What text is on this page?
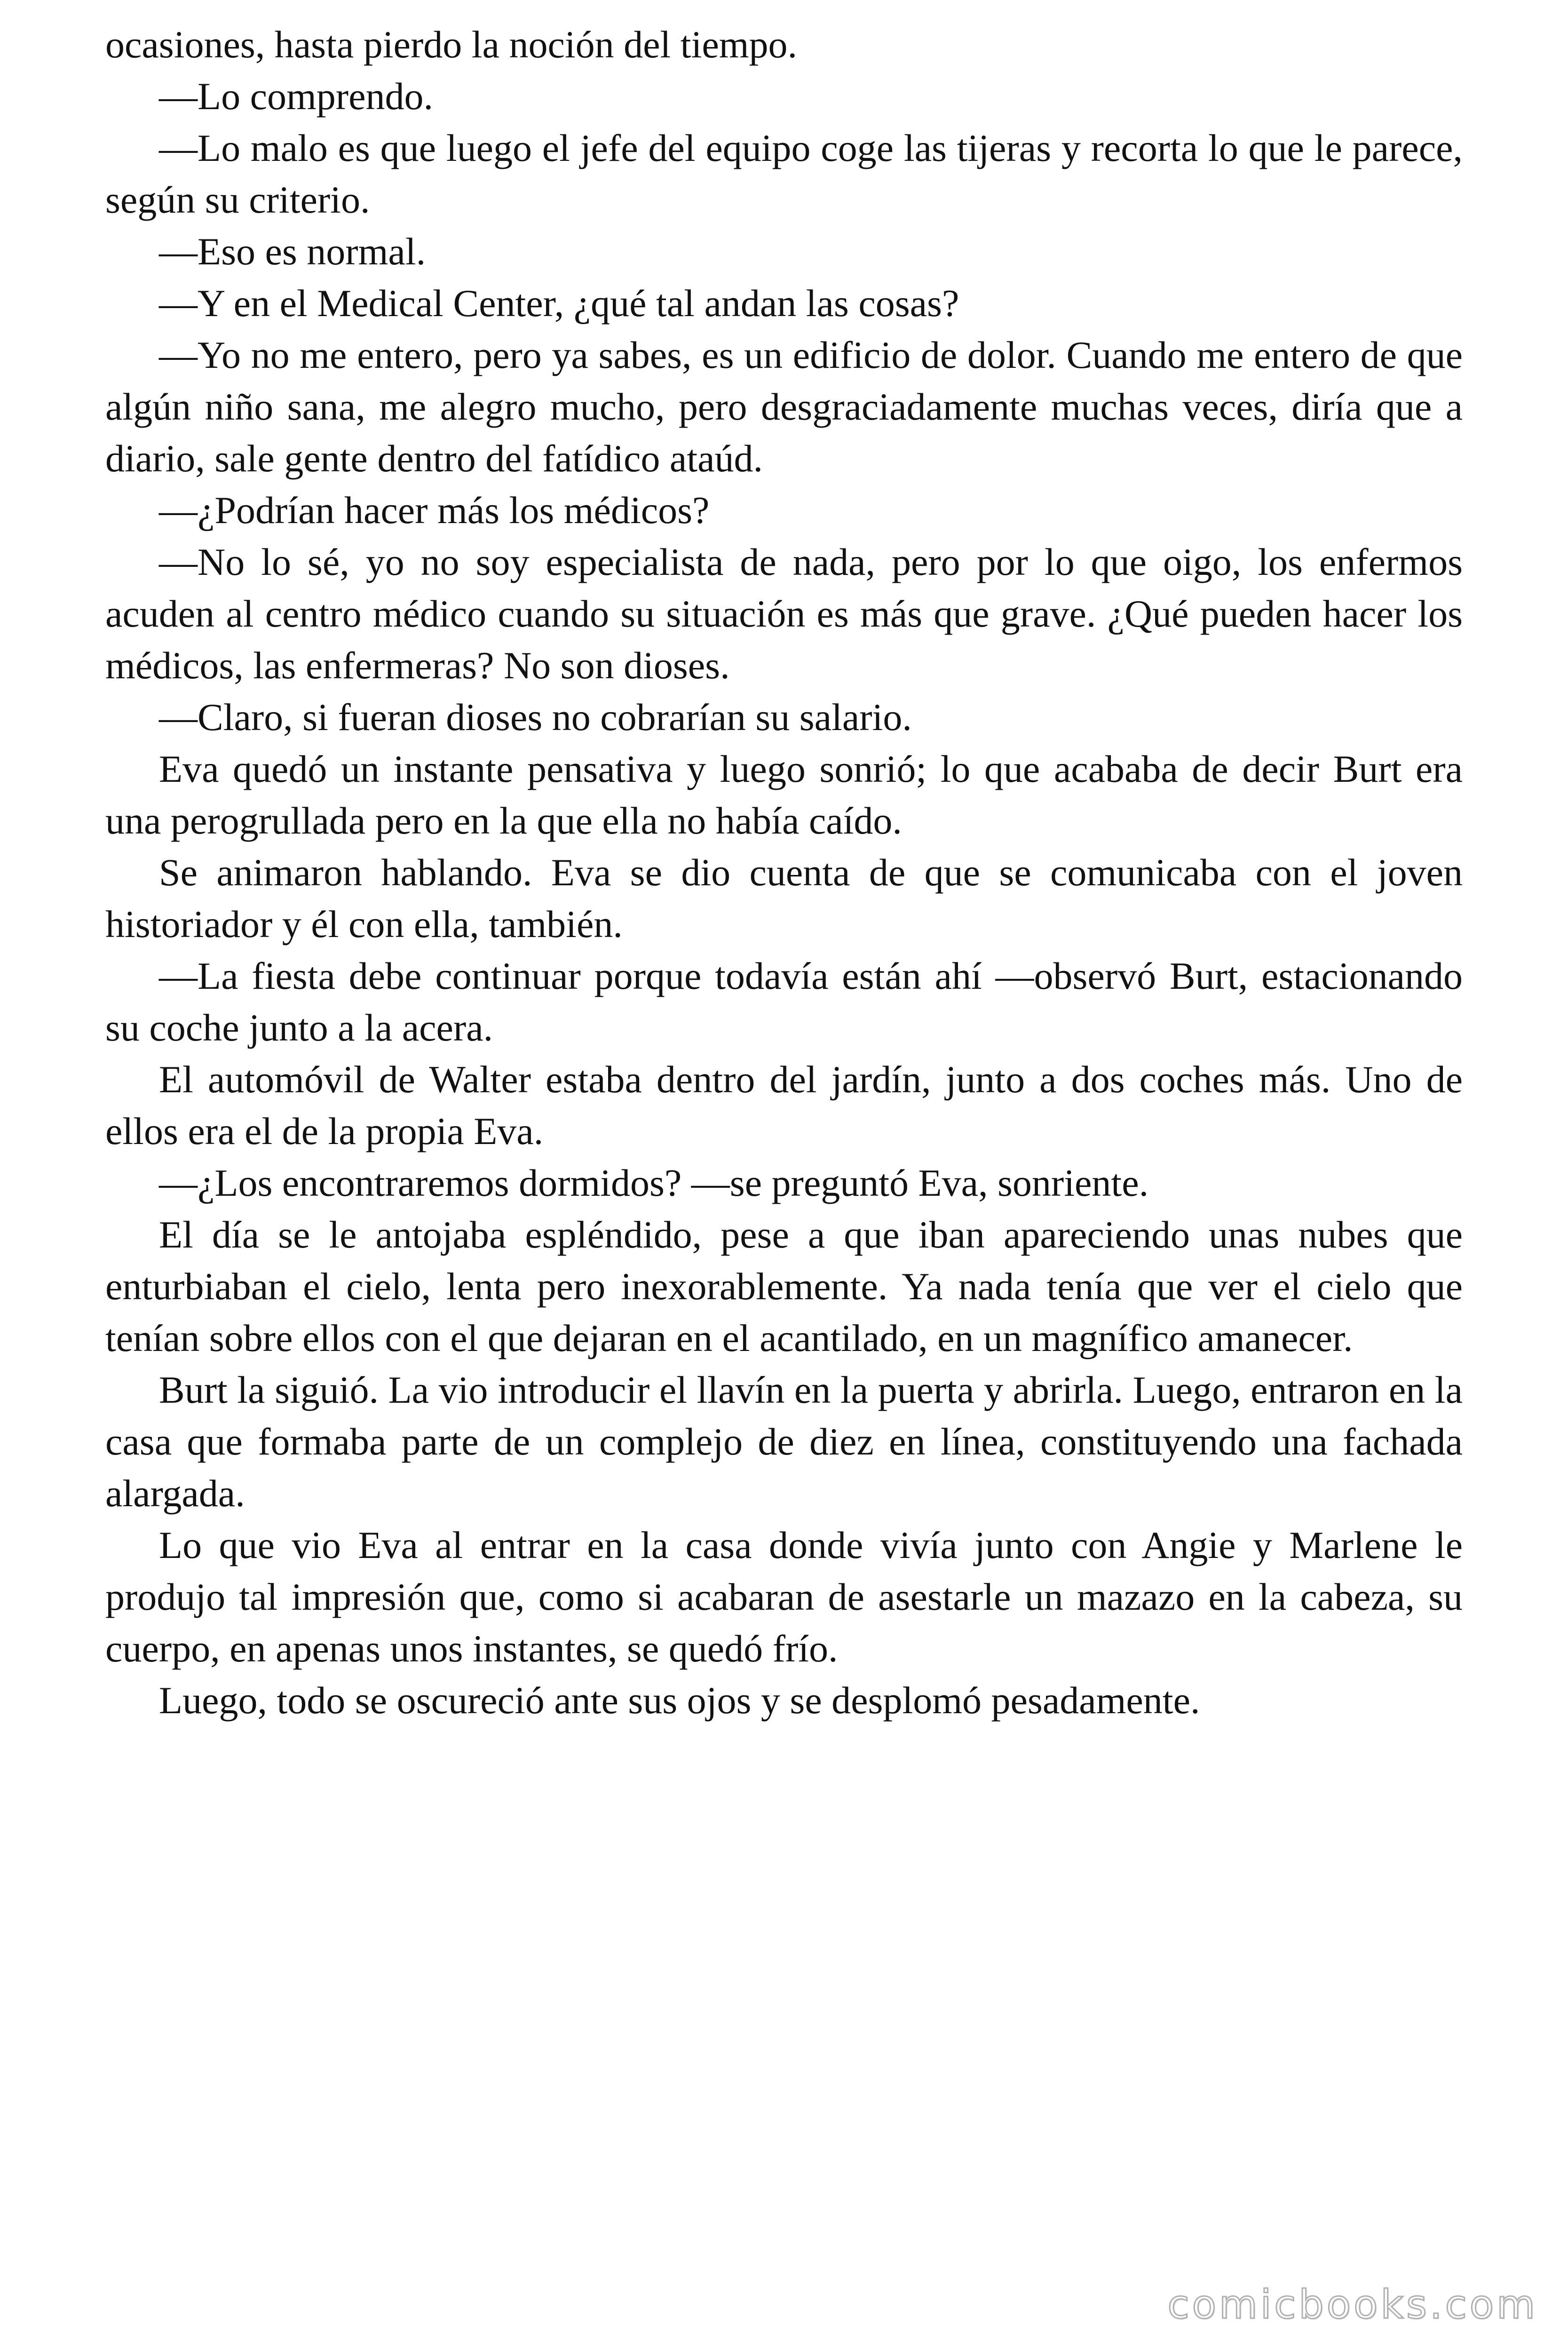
ocasiones, hasta pierdo la noción del tiempo.

—Lo comprendo.

—Lo malo es que luego el jefe del equipo coge las tijeras y recorta lo que le parece, según su criterio.

—Eso es normal.

—Y en el Medical Center, ¿qué tal andan las cosas?

—Yo no me entero, pero ya sabes, es un edificio de dolor. Cuando me entero de que algún niño sana, me alegro mucho, pero desgraciadamente muchas veces, diría que a diario, sale gente dentro del fatídico ataúd.

—¿Podrían hacer más los médicos?

—No lo sé, yo no soy especialista de nada, pero por lo que oigo, los enfermos acuden al centro médico cuando su situación es más que grave. ¿Qué pueden hacer los médicos, las enfermeras? No son dioses.

—Claro, si fueran dioses no cobrarían su salario.

Eva quedó un instante pensativa y luego sonrió; lo que acababa de decir Burt era una perogrullada pero en la que ella no había caído.

Se animaron hablando. Eva se dio cuenta de que se comunicaba con el joven historiador y él con ella, también.

—La fiesta debe continuar porque todavía están ahí —observó Burt, estacionando su coche junto a la acera.

El automóvil de Walter estaba dentro del jardín, junto a dos coches más. Uno de ellos era el de la propia Eva.

—¿Los encontraremos dormidos? —se preguntó Eva, sonriente.

El día se le antojaba espléndido, pese a que iban apareciendo unas nubes que enturbiaban el cielo, lenta pero inexorablemente. Ya nada tenía que ver el cielo que tenían sobre ellos con el que dejaran en el acantilado, en un magnífico amanecer.

Burt la siguió. La vio introducir el llavín en la puerta y abrirla. Luego, entraron en la casa que formaba parte de un complejo de diez en línea, constituyendo una fachada alargada.

Lo que vio Eva al entrar en la casa donde vivía junto con Angie y Marlene le produjo tal impresión que, como si acabaran de asestarle un mazazo en la cabeza, su cuerpo, en apenas unos instantes, se quedó frío.

Luego, todo se oscureció ante sus ojos y se desplomó pesadamente.

comicbooks.com
